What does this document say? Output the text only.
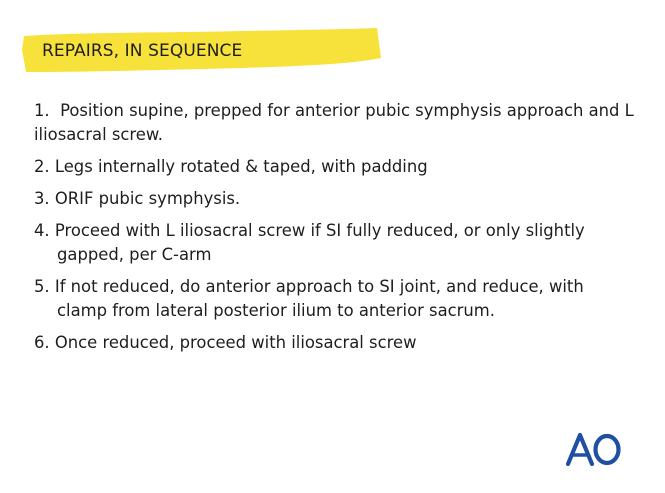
REPAIRS, IN SEQUENCE
1. Position supine, prepped for anterior pubic symphysis approach and L iliosacral screw.
2. Legs internally rotated & taped, with padding
3. ORIF pubic symphysis.
4. Proceed with L iliosacral screw if SI fully reduced, or only slightly gapped, per C-arm
5. If not reduced, do anterior approach to SI joint, and reduce, with clamp from lateral posterior ilium to anterior sacrum.
6. Once reduced, proceed with iliosacral screw
